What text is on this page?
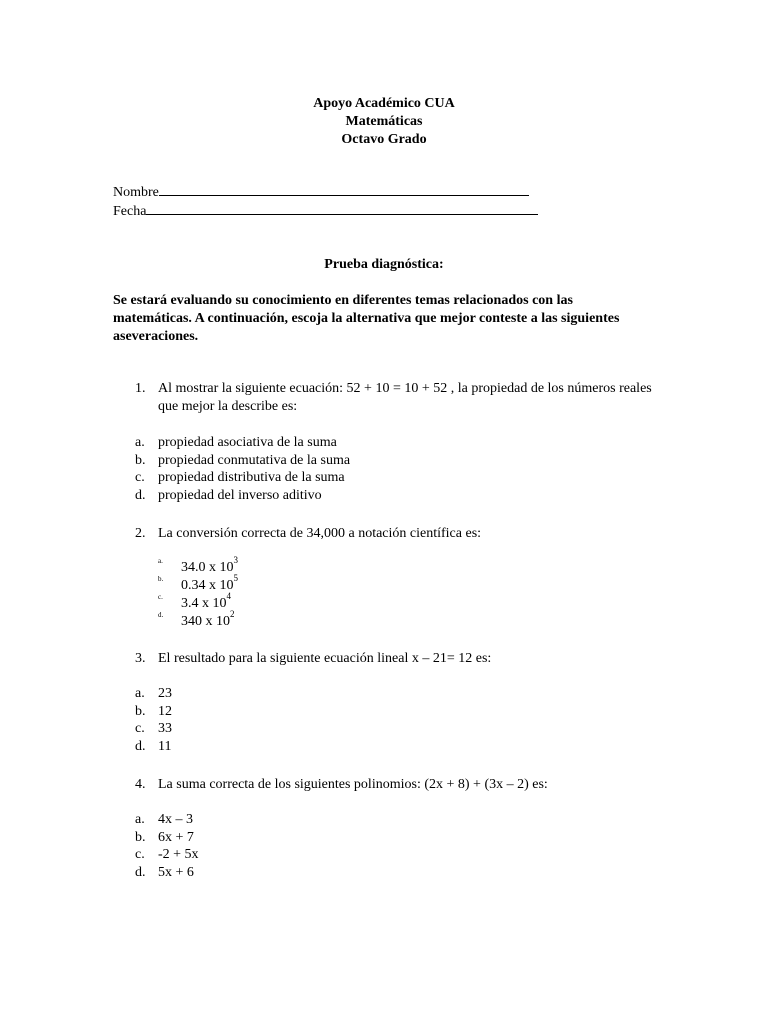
Apoyo Académico CUA
Matemáticas
Octavo Grado
Nombre
Fecha
Prueba diagnóstica:
Se estará evaluando su conocimiento en diferentes temas relacionados con las matemáticas. A continuación, escoja la alternativa que mejor conteste a las siguientes aseveraciones.
1. Al mostrar la siguiente ecuación: 52 + 10 = 10 + 52 , la propiedad de los números reales que mejor la describe es:
a. propiedad asociativa de la suma
b. propiedad conmutativa de la suma
c. propiedad distributiva de la suma
d. propiedad del inverso aditivo
2. La conversión correcta de 34,000 a notación científica es:
a. 34.0 x $10^3$
b. 0.34 x $10^5$
c. 3.4 x $10^4$
d. 340 x $10^2$
3. El resultado para la siguiente ecuación lineal x – 21= 12 es:
a. 23
b. 12
c. 33
d. 11
4. La suma correcta de los siguientes polinomios: (2x + 8) + (3x – 2) es:
a. 4x – 3
b. 6x + 7
c. -2 + 5x
d. 5x + 6
